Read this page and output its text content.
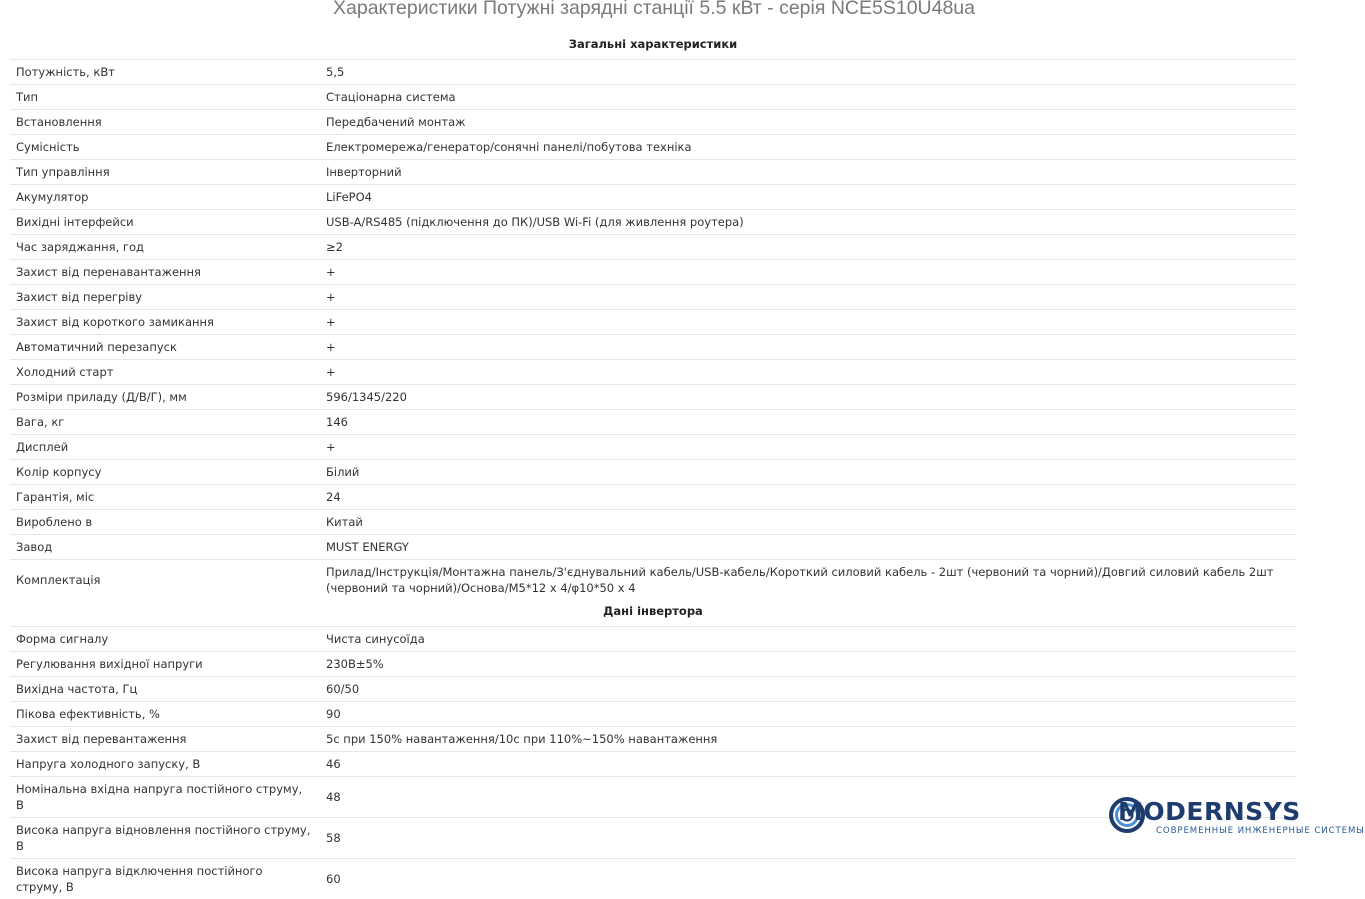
Характеристики Потужні зарядні станції 5.5 кВт - серія NCE5S10U48ua
Загальні характеристики	
Потужність, кВт	5,5
Тип	Стаціонарна система
Встановлення	Передбачений монтаж
Сумісність	Електромережа/генератор/сонячні панелі/побутова техніка
Тип управління	Інверторний
Акумулятор	LiFePO4
Вихідні інтерфейси	USB-A/RS485 (підключення до ПК)/USB Wi-Fi (для живлення роутера)
Час заряджання, год	≥2
Захист від перенавантаження	+
Захист від перегріву	+
Захист від короткого замикання	+
Автоматичний перезапуск	+
Холодний старт	+
Розміри приладу (Д/В/Г), мм	596/1345/220
Вага, кг	146
Дисплей	+
Колір корпусу	Білий
Гарантія, міс	24
Вироблено в	Китай
Завод	MUST ENERGY
Комплектація	Прилад/Інструкція/Монтажна панель/З'єднувальний кабель/USB-кабель/Короткий силовий кабель - 2шт (червоний та чорний)/Довгий силовий кабель 2шт (червоний та чорний)/Основа/M5*12 x 4/φ10*50 x 4
Дані інвертора	
Форма сигналу	Чиста синусоїда
Регулювання вихідної напруги	230В±5%
Вихідна частота, Гц	60/50
Пікова ефективність, %	90
Захист від перевантаження	5с при 150% навантаження/10с при 110%~150% навантаження
Напруга холодного запуску, В	46
Номінальна вхідна напруга постійного струму, В	48
Висока напруга відновлення постійного струму, В	58
Висока напруга відключення постійного струму, В	60
MODERNSYS
СОВРЕМЕННЫЕ ИНЖЕНЕРНЫЕ СИСТЕМЫ
